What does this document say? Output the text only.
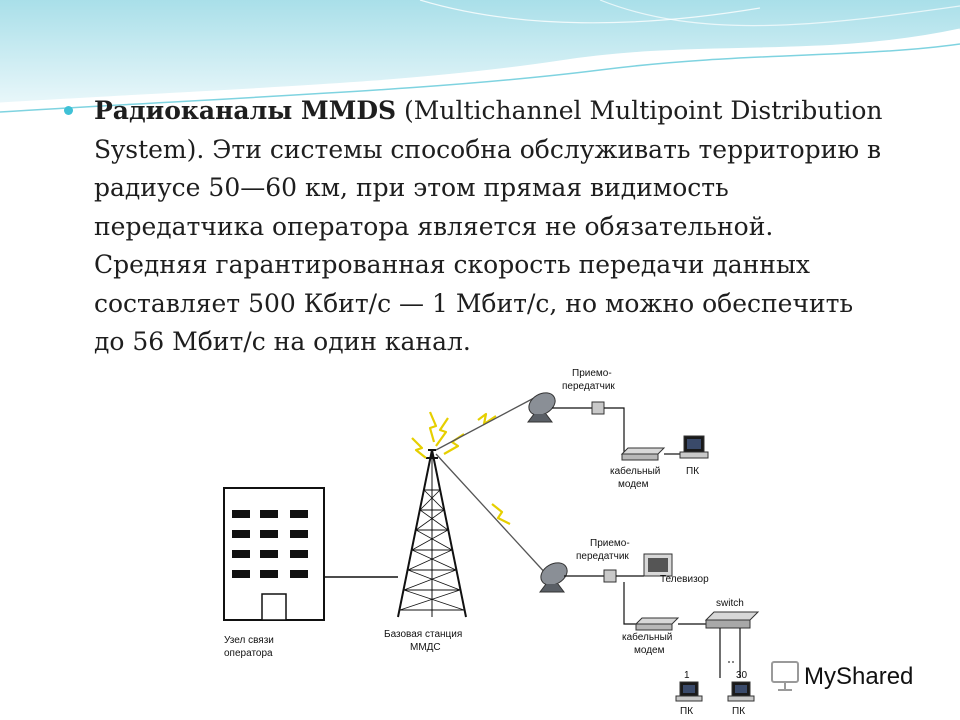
Радиоканалы MMDS (Multichannel Multipoint Distribution System). Эти системы способна обслуживать территорию в радиусе 50—60 км, при этом прямая видимость передатчика оператора является не обязательной. Средняя гарантированная скорость передачи данных составляет 500 Кбит/с — 1 Мбит/с, но можно обеспечить до 56 Мбит/с на один канал.

Узел связи
оператора
Базовая станция
ММДС
Приемо-
передатчик
кабельный
модем
ПК
Приемо-
передатчик
Телевизор
кабельный
модем
switch
1	30
ПК	ПК
MyShared
